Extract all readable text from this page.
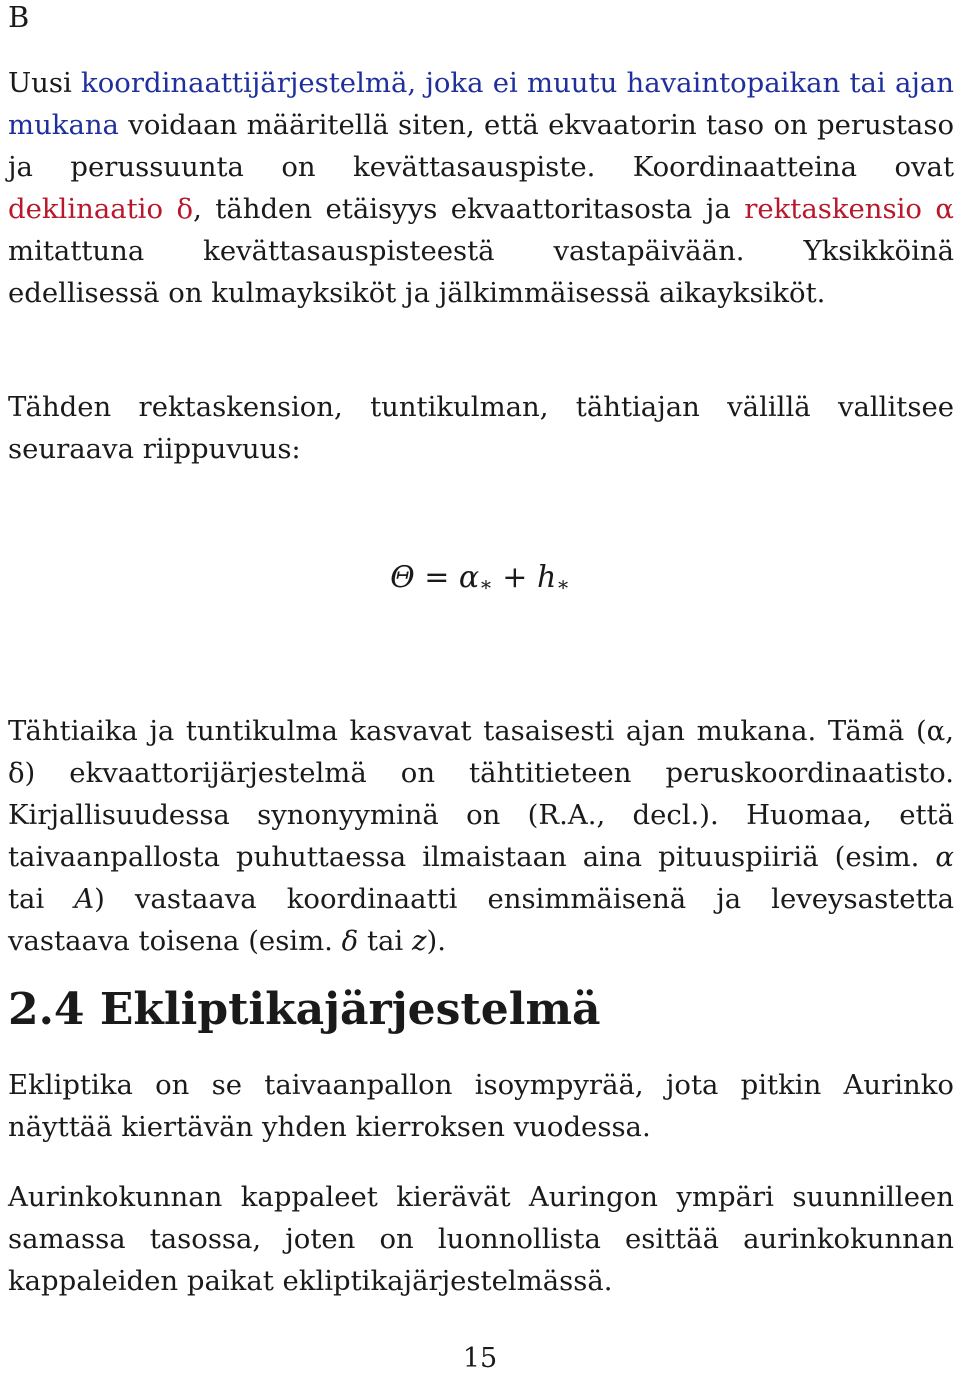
B

Uusi koordinaattijärjestelmä, joka ei muutu havaintopaikan tai ajan mukana voidaan määritellä siten, että ekvaatorin taso on perustaso ja perussuunta on kevättasauspiste. Koordinaatteina ovat deklinaatio δ, tähden etäisyys ekvaattoritasosta ja rektaskensio α mitattuna kevättasauspisteestä vastapäivään. Yksikköinä edellisessä on kulmayksiköt ja jälkimmäisessä aikayksiköt.

Tähden rektaskension, tuntikulman, tähtiajan välillä vallitsee seuraava riippuvuus:

Θ = α∗ + h∗

Tähtiaika ja tuntikulma kasvavat tasaisesti ajan mukana. Tämä (α, δ) ekvaattorijärjestelmä on tähtitieteen peruskoordinaatisto. Kirjallisuudessa synonyyminä on (R.A., decl.). Huomaa, että taivaanpallosta puhuttaessa ilmaistaan aina pituuspiiriä (esim. α tai A) vastaava koordinaatti ensimmäisenä ja leveysastetta vastaava toisena (esim. δ tai z).

2.4 Ekliptikajärjestelmä

Ekliptika on se taivaanpallon isoympyrää, jota pitkin Aurinko näyttää kiertävän yhden kierroksen vuodessa.

Aurinkokunnan kappaleet kierävät Auringon ympäri suunnilleen samassa tasossa, joten on luonnollista esittää aurinkokunnan kappaleiden paikat ekliptikajärjestelmässä.

15
